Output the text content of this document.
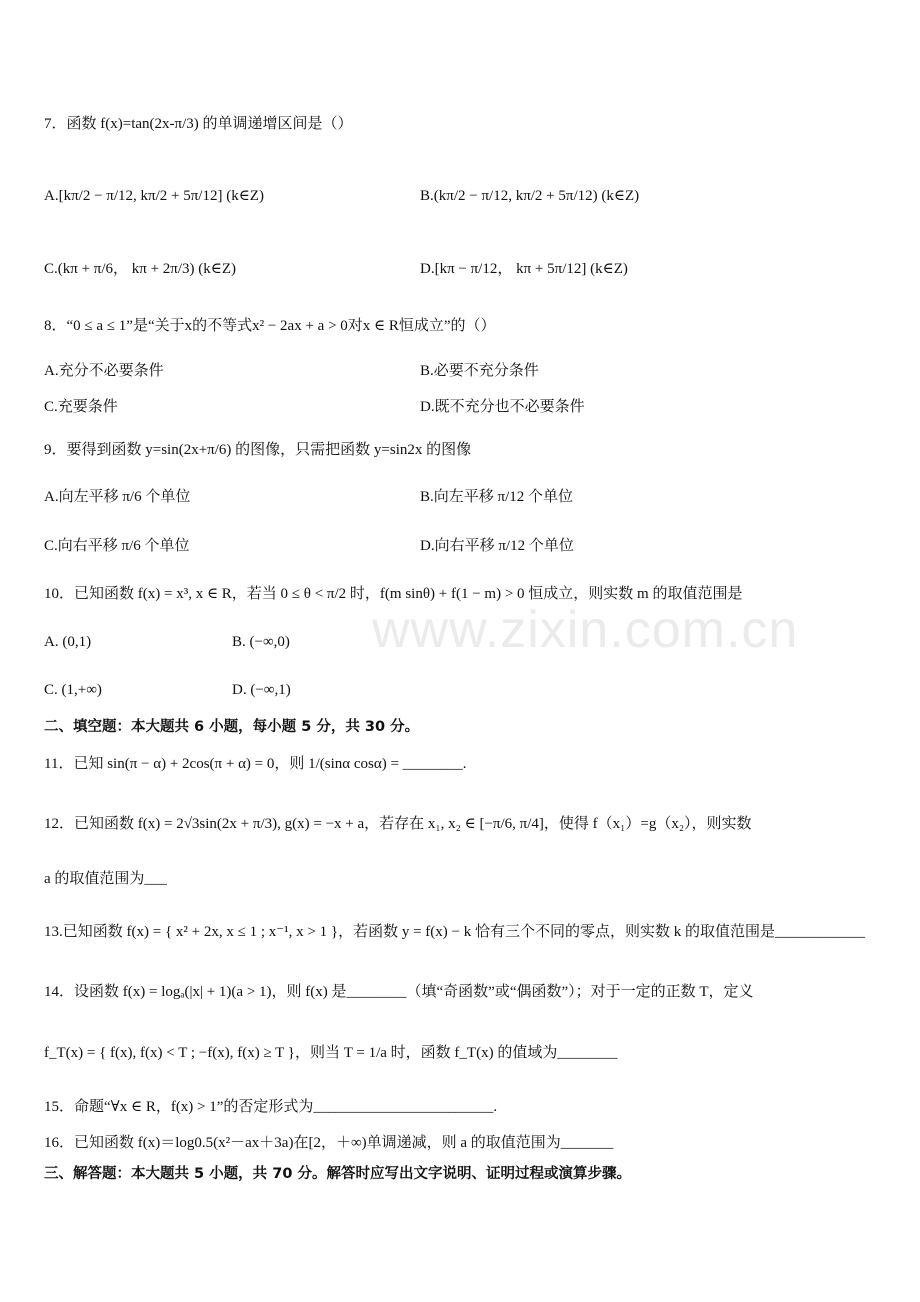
www.zixin.com.cn
7．函数 f(x)=tan(2x-π/3) 的单调递增区间是（）
A.[kπ/2 − π/12, kπ/2 + 5π/12] (k∈Z)	B.(kπ/2 − π/12, kπ/2 + 5π/12) (k∈Z)
C.(kπ + π/6， kπ + 2π/3) (k∈Z)	D.[kπ − π/12， kπ + 5π/12] (k∈Z)
8．“0 ≤ a ≤ 1”是“关于x的不等式x² − 2ax + a > 0对x ∈ R恒成立”的（）
A.充分不必要条件	B.必要不充分条件
C.充要条件	D.既不充分也不必要条件
9．要得到函数 y=sin(2x+π/6) 的图像，只需把函数 y=sin2x 的图像
A.向左平移 π/6 个单位	B.向左平移 π/12 个单位
C.向右平移 π/6 个单位	D.向右平移 π/12 个单位
10．已知函数 f(x) = x³, x ∈ R，若当 0 ≤ θ < π/2 时，f(m sinθ) + f(1 − m) > 0 恒成立，则实数 m 的取值范围是
A. (0,1)	B. (−∞,0)
C. (1,+∞)	D. (−∞,1)
二、填空题：本大题共 6 小题，每小题 5 分，共 30 分。
11．已知 sin(π − α) + 2cos(π + α) = 0，则 1/(sinα cosα) = ________.
12．已知函数 f(x) = 2√3sin(2x + π/3), g(x) = −x + a，若存在 x₁, x₂ ∈ [−π/6, π/4]，使得 f（x₁）=g（x₂），则实数
a 的取值范围为___
13.已知函数 f(x) = { x² + 2x, x ≤ 1 ; x⁻¹, x > 1 }，若函数 y = f(x) − k 恰有三个不同的零点，则实数 k 的取值范围是____________
14．设函数 f(x) = logₐ(|x| + 1)(a > 1)，则 f(x) 是________（填“奇函数”或“偶函数”）；对于一定的正数 T，定义
f_T(x) = { f(x), f(x) < T ; −f(x), f(x) ≥ T }，则当 T = 1/a 时，函数 f_T(x) 的值域为________
15．命题“∀x ∈ R，f(x) > 1”的否定形式为________________________.
16．已知函数 f(x)＝log0.5(x²－ax＋3a)在[2，＋∞)单调递减，则 a 的取值范围为_______
三、解答题：本大题共 5 小题，共 70 分。解答时应写出文字说明、证明过程或演算步骤。
